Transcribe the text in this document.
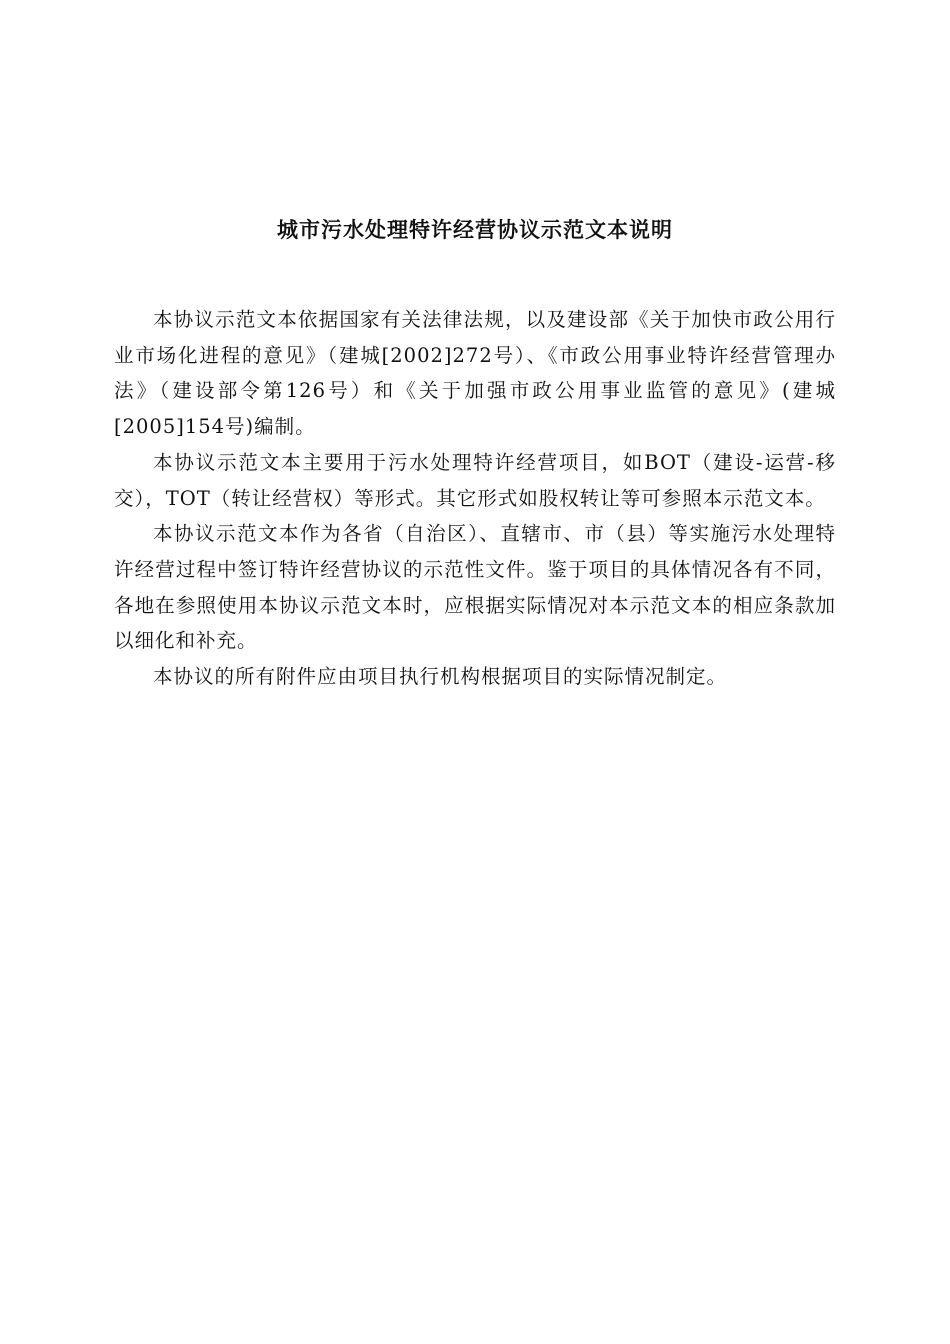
城市污水处理特许经营协议示范文本说明

本协议示范文本依据国家有关法律法规，以及建设部《关于加快市政公用行业市场化进程的意见》（建城[2002]272号）、《市政公用事业特许经营管理办法》（建设部令第126号）和《关于加强市政公用事业监管的意见》(建城[2005]154号)编制。

本协议示范文本主要用于污水处理特许经营项目，如BOT（建设-运营-移交），TOT（转让经营权）等形式。其它形式如股权转让等可参照本示范文本。

本协议示范文本作为各省（自治区）、直辖市、市（县）等实施污水处理特许经营过程中签订特许经营协议的示范性文件。鉴于项目的具体情况各有不同，各地在参照使用本协议示范文本时，应根据实际情况对本示范文本的相应条款加以细化和补充。

本协议的所有附件应由项目执行机构根据项目的实际情况制定。
